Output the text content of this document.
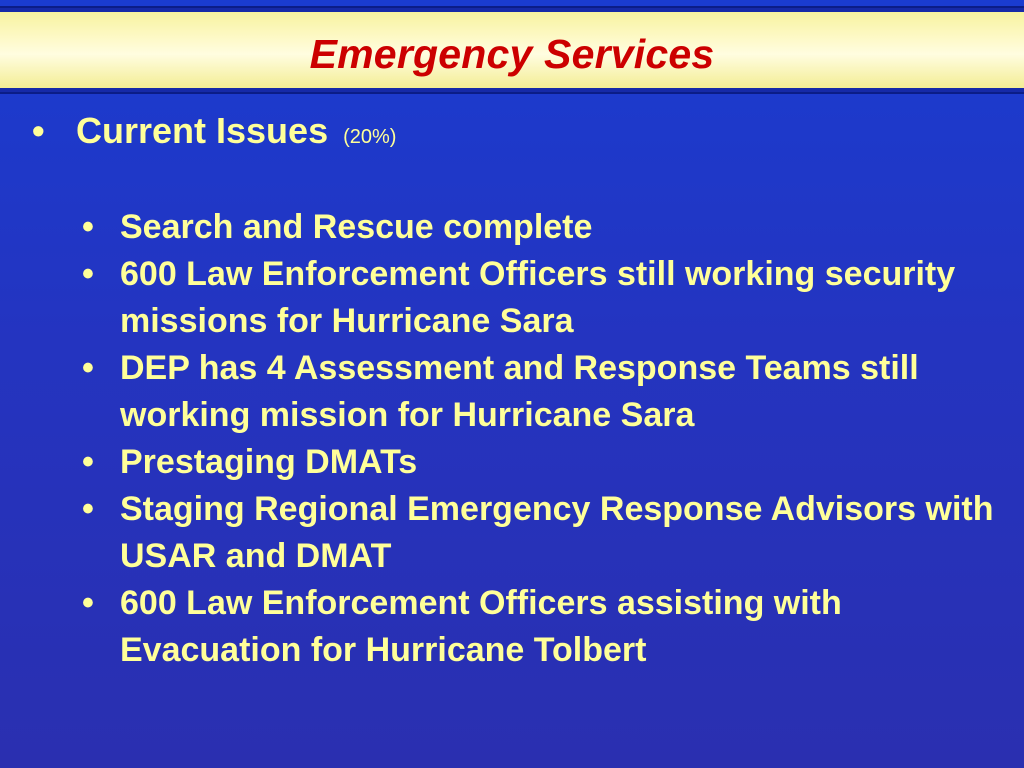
Emergency Services
• Current Issues (20%)
• Search and Rescue complete
• 600 Law Enforcement Officers still working security missions for Hurricane Sara
• DEP has 4 Assessment and Response Teams still working mission for Hurricane Sara
• Prestaging DMATs
• Staging Regional Emergency Response Advisors with USAR and DMAT
• 600 Law Enforcement Officers assisting with Evacuation for Hurricane Tolbert
